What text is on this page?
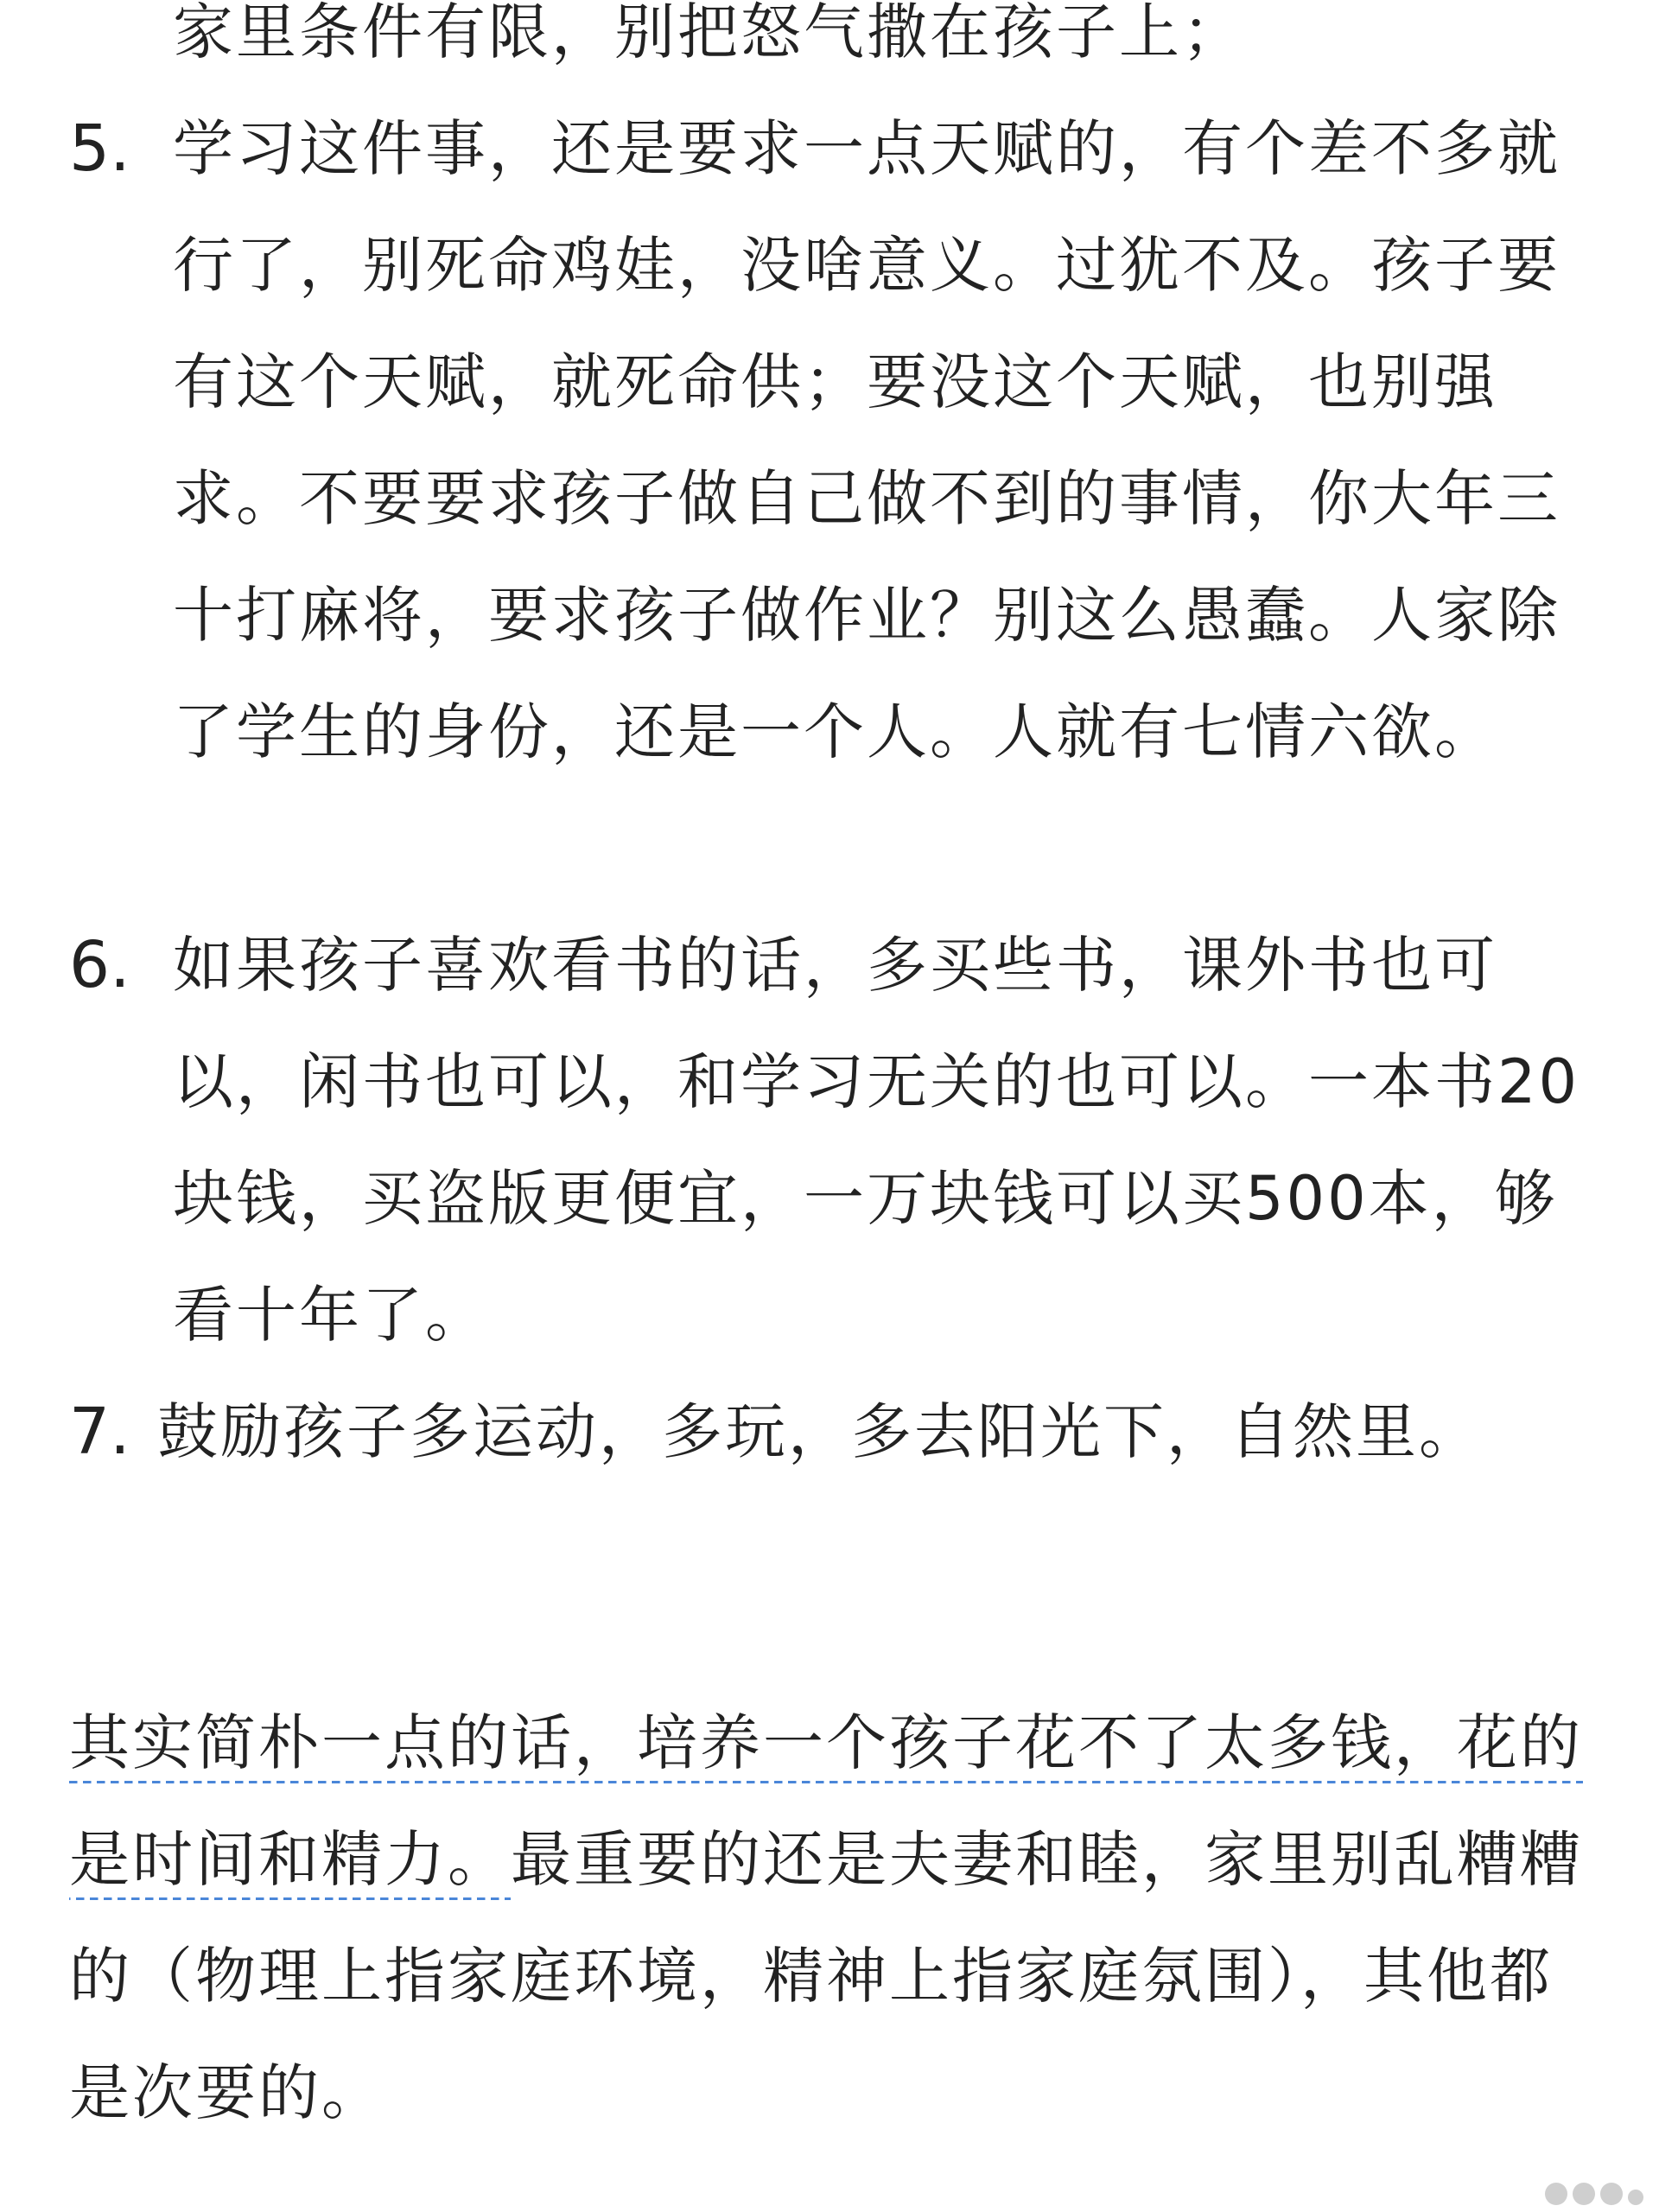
家里条件有限，别把怒气撒在孩子上；
5. 学习这件事，还是要求一点天赋的，有个差不多就行了，别死命鸡娃，没啥意义。过犹不及。孩子要有这个天赋，就死命供；要没这个天赋，也别强求。不要要求孩子做自己做不到的事情，你大年三十打麻将，要求孩子做作业？别这么愚蠢。人家除了学生的身份，还是一个人。人就有七情六欲。
6. 如果孩子喜欢看书的话，多买些书，课外书也可以，闲书也可以，和学习无关的也可以。一本书20块钱，买盗版更便宜，一万块钱可以买500本，够看十年了。
7. 鼓励孩子多运动，多玩，多去阳光下，自然里。
其实简朴一点的话，培养一个孩子花不了太多钱，花的是时间和精力。最重要的还是夫妻和睦，家里别乱糟糟的（物理上指家庭环境，精神上指家庭氛围），其他都是次要的。
